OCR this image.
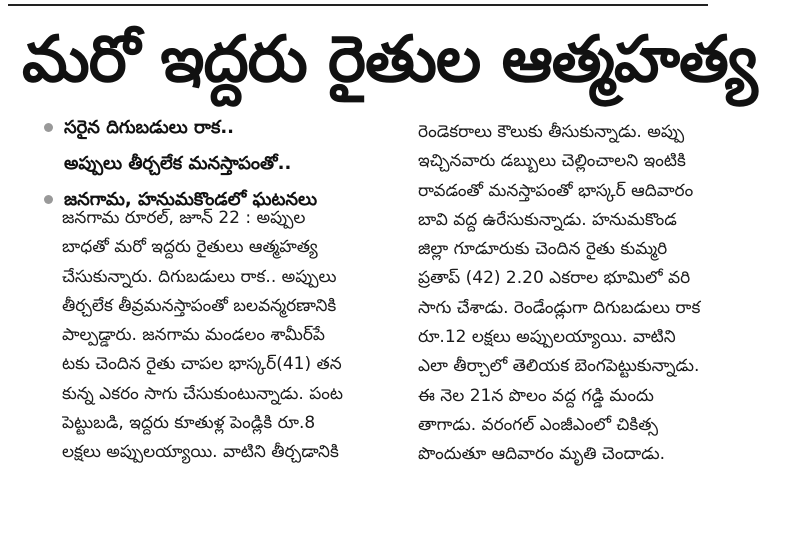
మరో ఇద్దరు రైతుల ఆత్మహత్య
సరైన దిగుబడులు రాక..
అప్పులు తీర్చలేక మనస్తాపంతో..
జనగామ, హనుమకొండలో ఘటనలు
జనగామ రూరల్, జూన్ 22 : అప్పుల
బాధతో మరో ఇద్దరు రైతులు ఆత్మహత్య
చేసుకున్నారు. దిగుబడులు రాక.. అప్పులు
తీర్చలేక తీవ్రమనస్తాపంతో బలవన్మరణానికి
పాల్పడ్డారు. జనగామ మండలం శామీర్‌పే
టకు చెందిన రైతు చాపల భాస్కర్(41) తన
కున్న ఎకరం సాగు చేసుకుంటున్నాడు. పంట
పెట్టుబడి, ఇద్దరు కూతుళ్ల పెండ్లికి రూ.8
లక్షలు అప్పులయ్యాయి. వాటిని తీర్చడానికి
రెండెకరాలు కౌలుకు తీసుకున్నాడు. అప్పు
ఇచ్చినవారు డబ్బులు చెల్లించాలని ఇంటికి
రావడంతో మనస్తాపంతో భాస్కర్ ఆదివారం
బావి వద్ద ఉరేసుకున్నాడు. హనుమకొండ
జిల్లా గూడూరుకు చెందిన రైతు కుమ్మరి
ప్రతాప్ (42) 2.20 ఎకరాల భూమిలో వరి
సాగు చేశాడు. రెండేండ్లుగా దిగుబడులు రాక
రూ.12 లక్షలు అప్పులయ్యాయి. వాటిని
ఎలా తీర్చాలో తెలియక బెంగపెట్టుకున్నాడు.
ఈ నెల 21న పొలం వద్ద గడ్డి మందు
తాగాడు. వరంగల్ ఎంజీఎంలో చికిత్స
పొందుతూ ఆదివారం మృతి చెందాడు.
